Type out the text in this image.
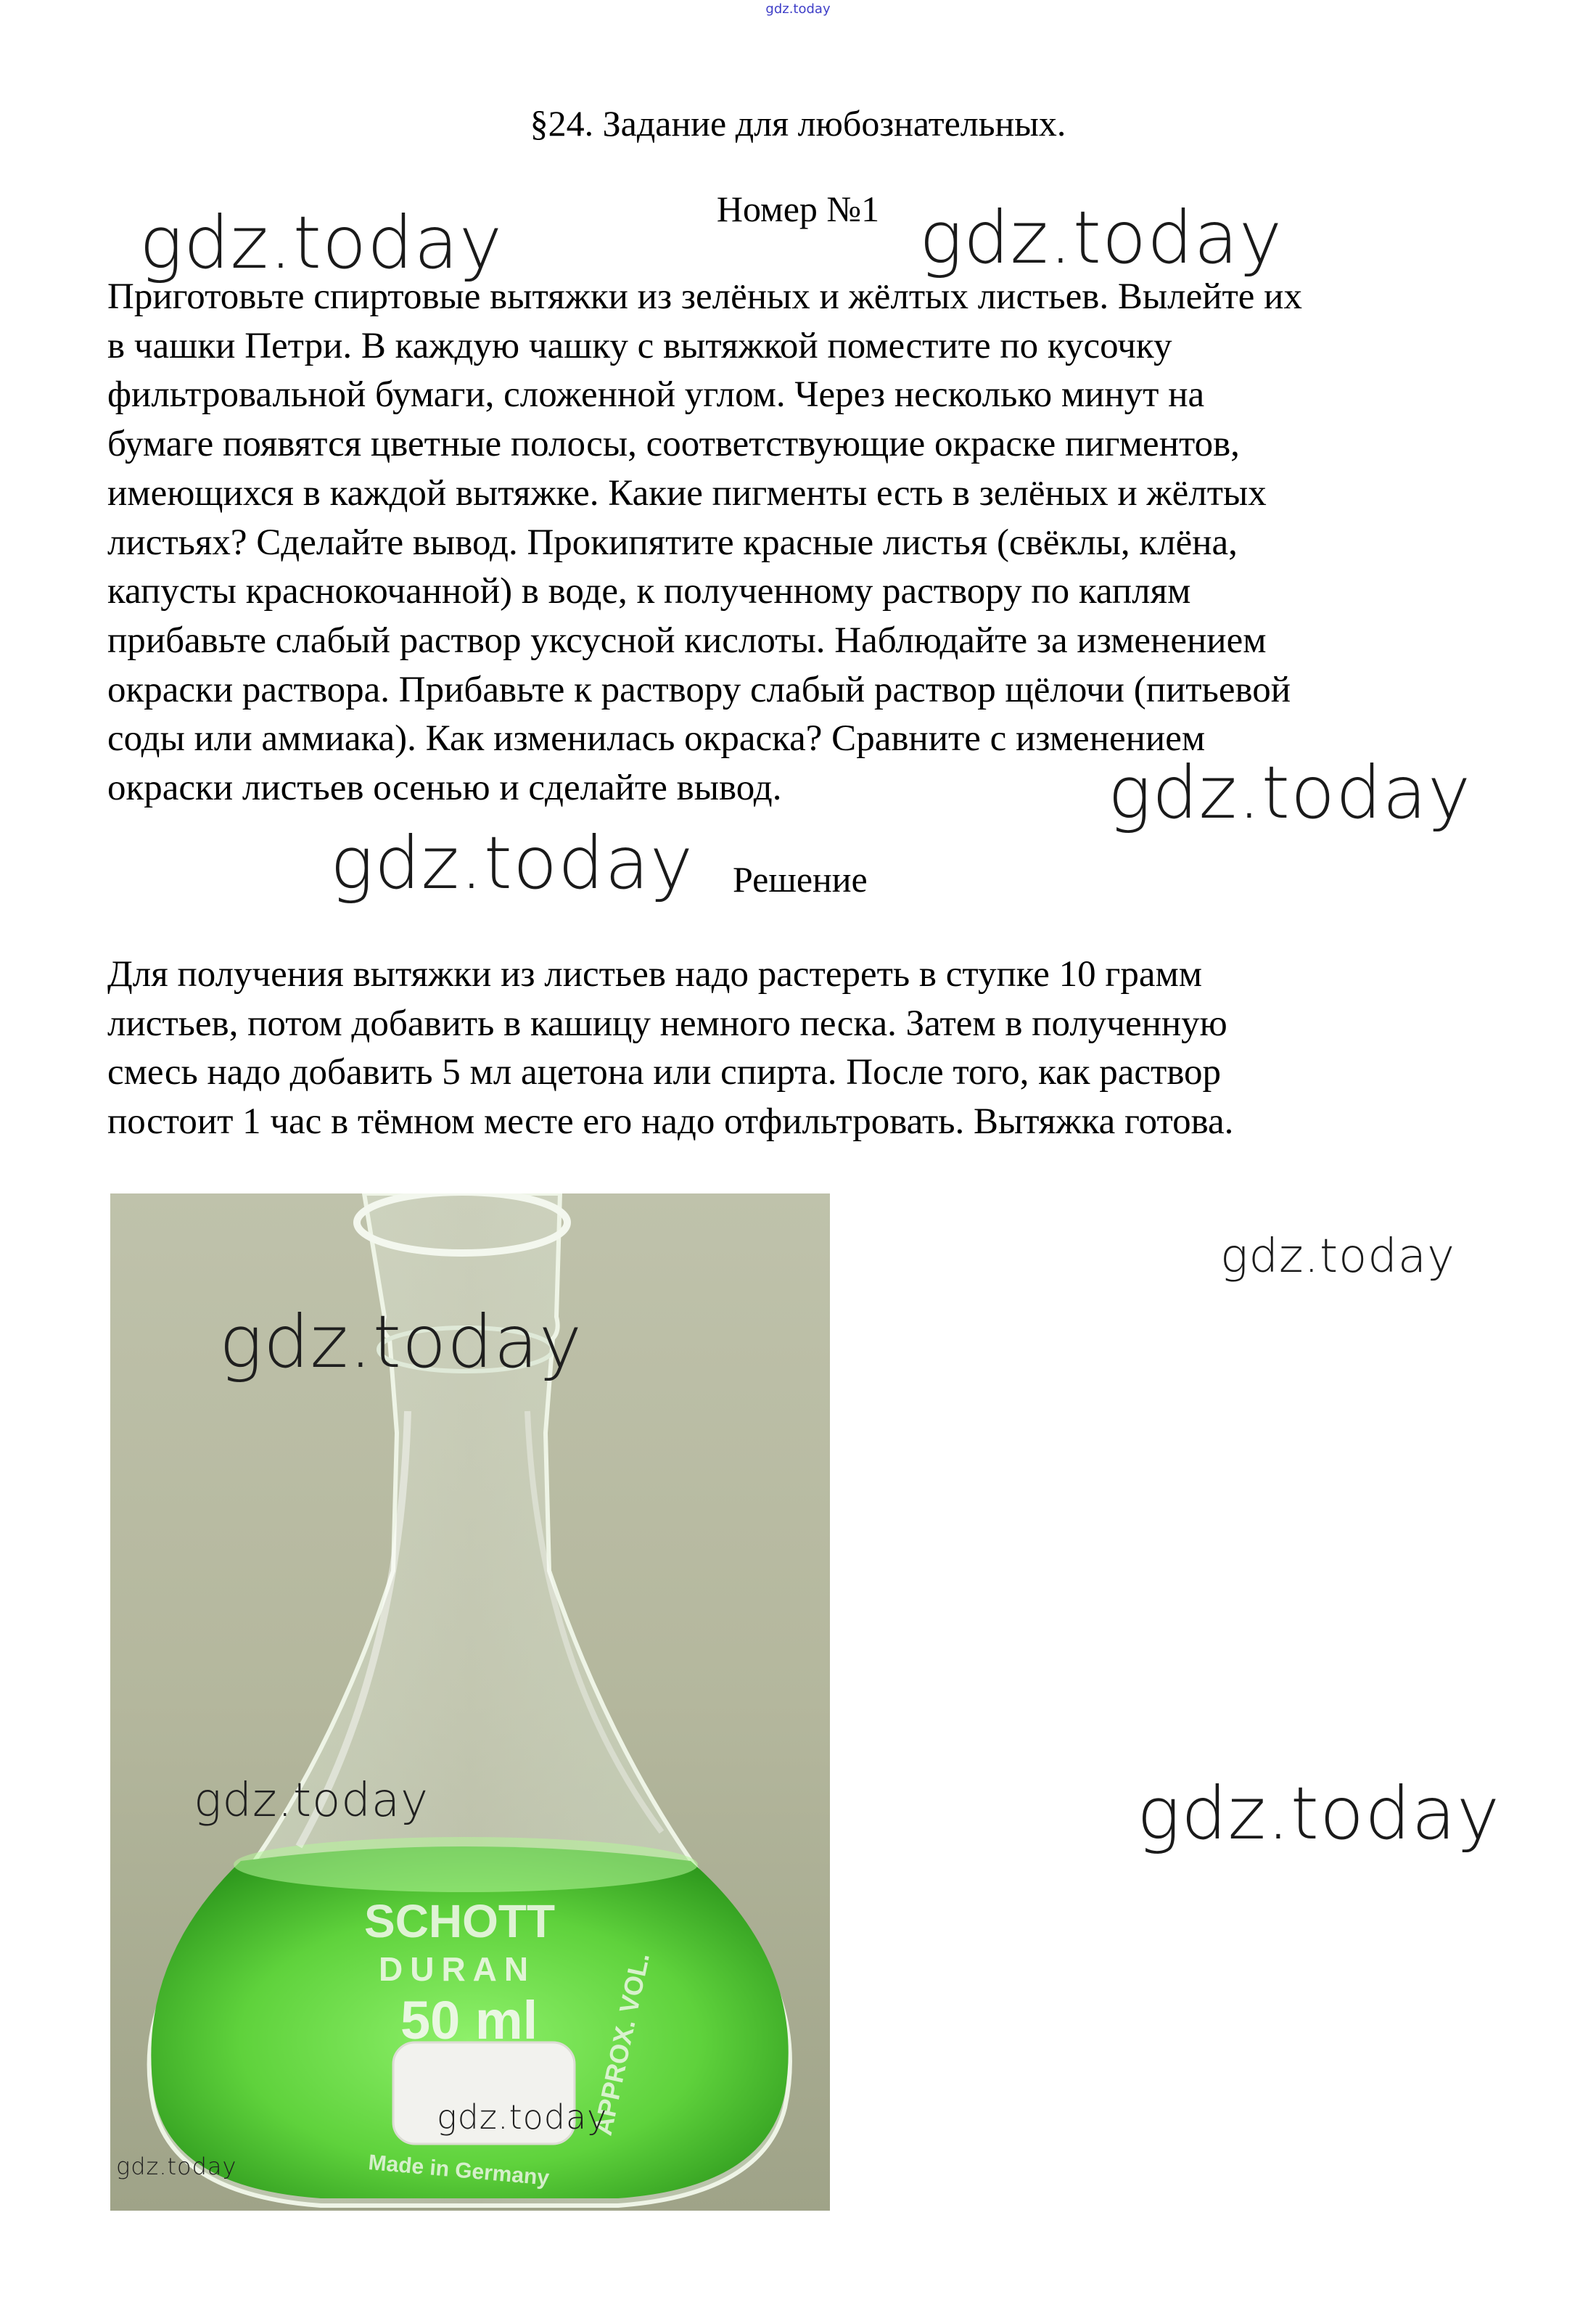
gdz.today
§24. Задание для любознательных.
Номер №1

Приготовьте спиртовые вытяжки из зелёных и жёлтых листьев. Вылейте их
в чашки Петри. В каждую чашку с вытяжкой поместите по кусочку
фильтровальной бумаги, сложенной углом. Через несколько минут на
бумаге появятся цветные полосы, соответствующие окраске пигментов,
имеющихся в каждой вытяжке. Какие пигменты есть в зелёных и жёлтых
листьях? Сделайте вывод. Прокипятите красные листья (свёклы, клёна,
капусты краснокочанной) в воде, к полученному раствору по каплям
прибавьте слабый раствор уксусной кислоты. Наблюдайте за изменением
окраски раствора. Прибавьте к раствору слабый раствор щёлочи (питьевой
соды или аммиака). Как изменилась окраска? Сравните с изменением
окраски листьев осенью и сделайте вывод.

Решение

Для получения вытяжки из листьев надо растереть в ступке 10 грамм
листьев, потом добавить в кашицу немного песка. Затем в полученную
смесь надо добавить 5 мл ацетона или спирта. После того, как раствор
постоит 1 час в тёмном месте его надо отфильтровать. Вытяжка готова.

SCHOTT
DURAN
50 ml APPROX. VOL.
Made in Germany
gdz.today
gdz.today
gdz.today
gdz.today
gdz.today	gdz.today
gdz.today
gdz.today
gdz.today
gdz.today
